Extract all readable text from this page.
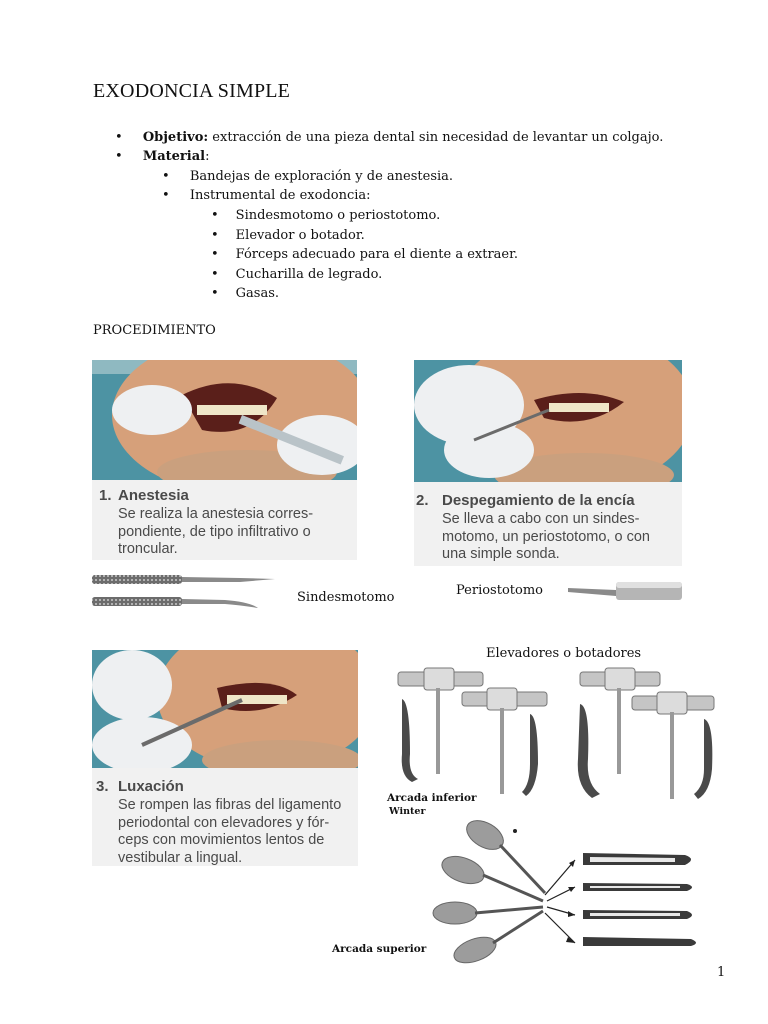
EXODONCIA SIMPLE
• Objetivo: extracción de una pieza dental sin necesidad de levantar un colgajo.
• Material:
• Bandejas de exploración y de anestesia.
• Instrumental de exodoncia:
• Sindesmotomo o periostotomo.
• Elevador o botador.
• Fórceps adecuado para el diente a extraer.
• Cucharilla de legrado.
• Gasas.
PROCEDIMIENTO
1. Anestesia
Se realiza la anestesia corres-
pondiente, de tipo infiltrativo o
troncular.
2. Despegamiento de la encía
Se lleva a cabo con un sindes-
motomo, un periostotomo, o con
una simple sonda.
Sindesmotomo	Periostotomo
Elevadores o botadores
3. Luxación
Se rompen las fibras del ligamento
periodontal con elevadores y fór-
ceps con movimientos lentos de
vestibular a lingual.
Arcada inferior
Winter
Arcada superior
1
